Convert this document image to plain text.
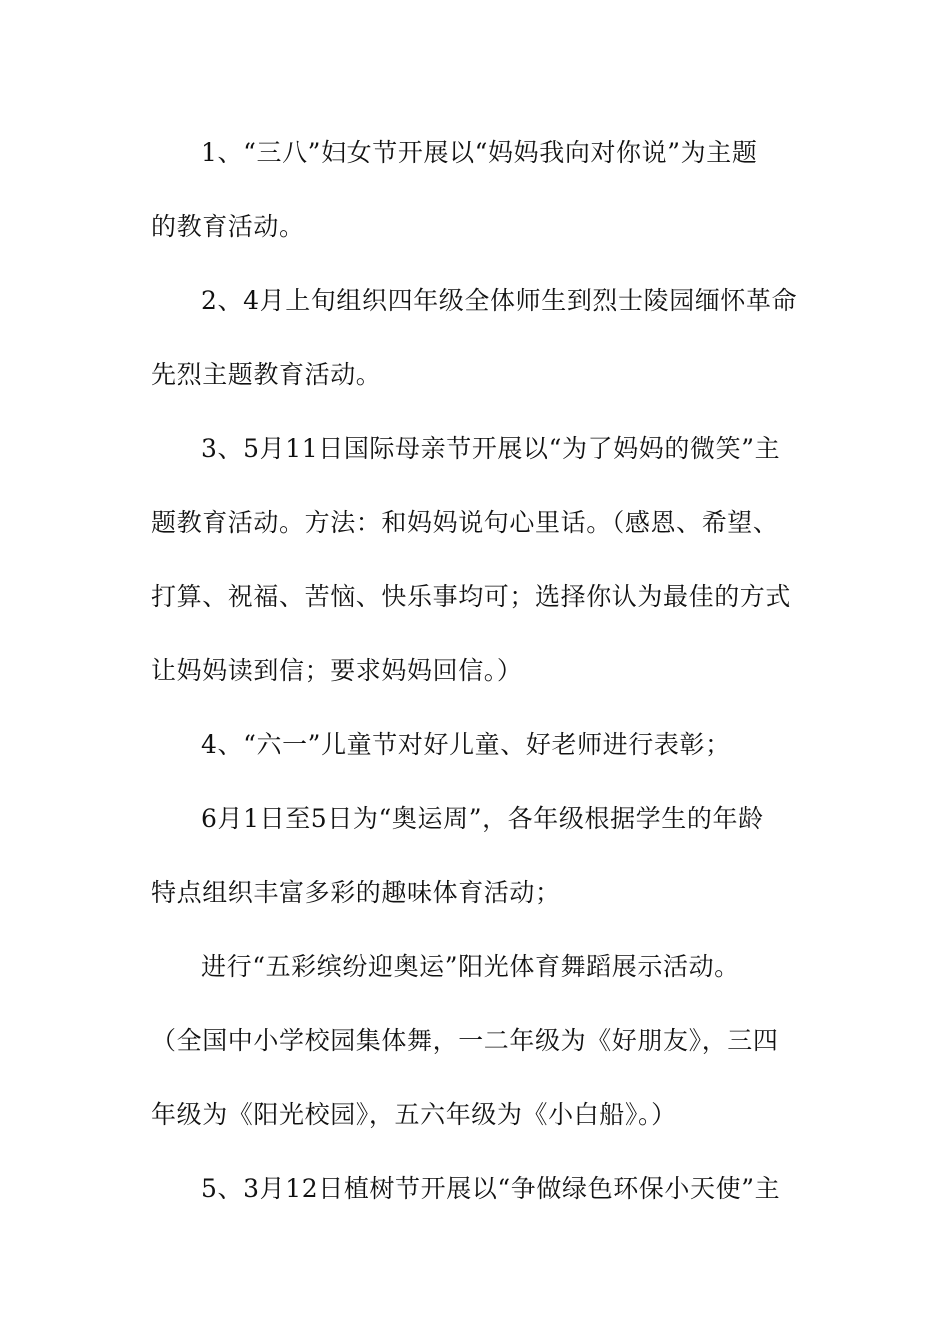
1、“三八”妇女节开展以“妈妈我向对你说”为主题
的教育活动。
2、4月上旬组织四年级全体师生到烈士陵园缅怀革命
先烈主题教育活动。
3、5月11日国际母亲节开展以“为了妈妈的微笑”主
题教育活动。方法：和妈妈说句心里话。（感恩、希望、
打算、祝福、苦恼、快乐事均可；选择你认为最佳的方式
让妈妈读到信；要求妈妈回信。）
4、“六一”儿童节对好儿童、好老师进行表彰；
6月1日至5日为“奥运周”，各年级根据学生的年龄
特点组织丰富多彩的趣味体育活动；
进行“五彩缤纷迎奥运”阳光体育舞蹈展示活动。
（全国中小学校园集体舞，一二年级为《好朋友》，三四
年级为《阳光校园》，五六年级为《小白船》。）
5、3月12日植树节开展以“争做绿色环保小天使”主
